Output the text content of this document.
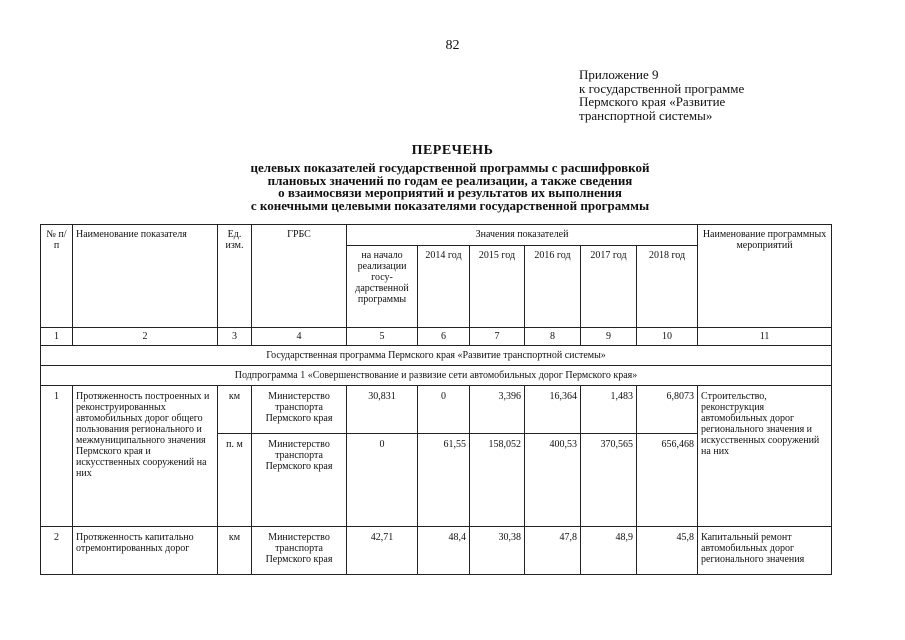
82
Приложение 9
к государственной программе
Пермского края «Развитие
транспортной системы»
ПЕРЕЧЕНЬ
целевых показателей государственной программы с расшифровкой
плановых значений по годам ее реализации, а также сведения
о взаимосвязи мероприятий и результатов их выполнения
с конечными целевыми показателями государственной программы
№ п/п	Наименование показателя	Ед. изм.	ГРБС	Значения показателей						Наименование программных мероприятий
				на начало реализации госу-дарственной программы	2014 год	2015 год	2016 год	2017 год	2018 год	
1	2	3	4	5	6	7	8	9	10	11
Государственная программа Пермского края «Развитие транспортной системы»										
Подпрограмма 1 «Совершенствование и развизие сети автомобильных дорог Пермского края»										
1	Протяженность построенных и реконструированных автомобильных дорог общего пользования регионального и межмуниципального значения Пермского края и искусственных сооружений на них	км	Министерство транспорта Пермского края	30,831	0	3,396	16,364	1,483	6,8073	Строительство, реконструкция автомобильных дорог регионального значения и искусственных сооружений на них
		п. м	Министерство транспорта Пермского края	0	61,55	158,052	400,53	370,565	656,468	
2	Протяженность капитально отремонтированных дорог	км	Министерство транспорта Пермского края	42,71	48,4	30,38	47,8	48,9	45,8	Капитальный ремонт автомобильных дорог регионального значения
